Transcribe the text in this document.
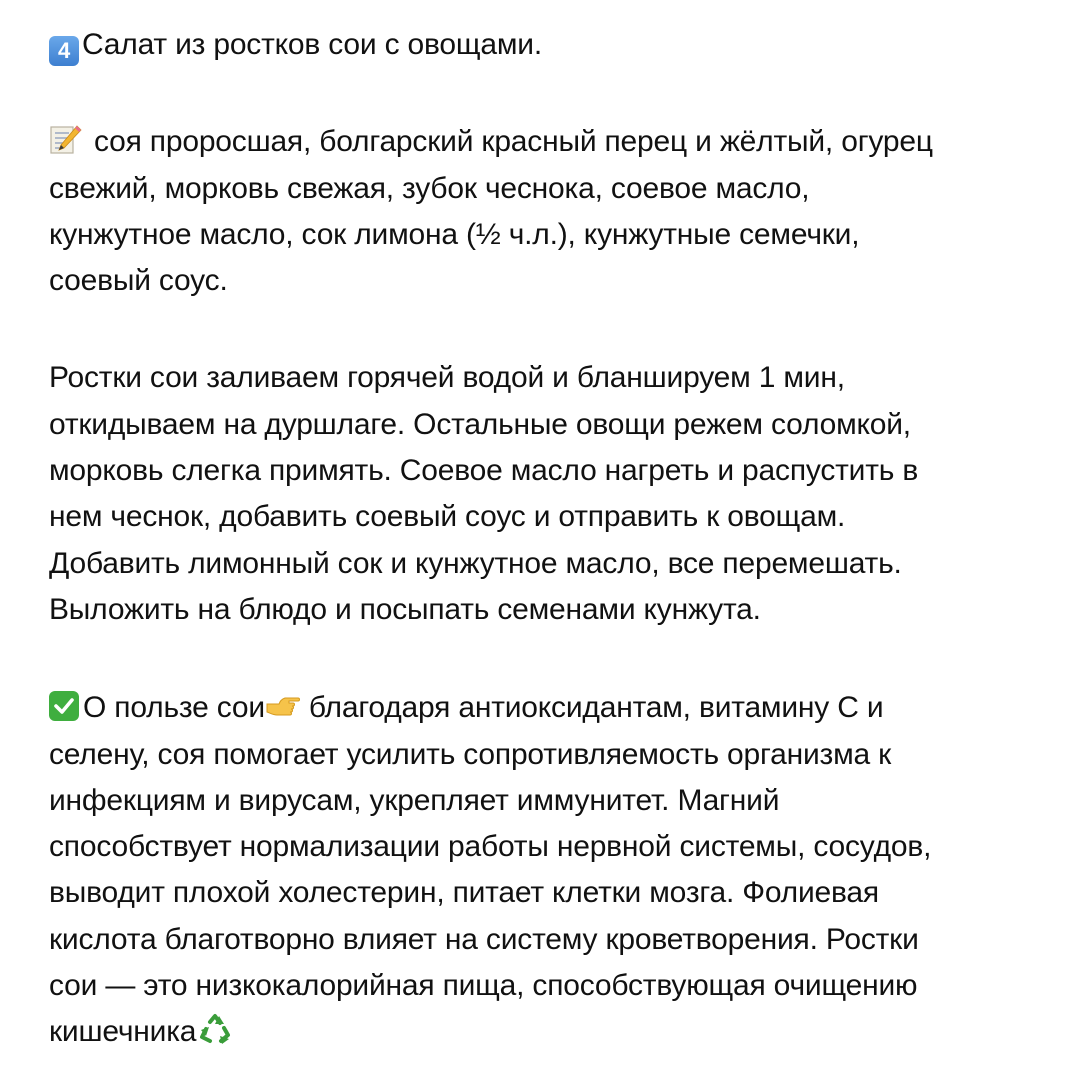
4 Салат из ростков сои с овощами.

соя проросшая, болгарский красный перец и жёлтый, огурец

свежий, морковь свежая, зубок чеснока, соевое масло,

кунжутное масло, сок лимона (½ ч.л.), кунжутные семечки,

соевый соус.

Ростки сои заливаем горячей водой и бланшируем 1 мин,

откидываем на дуршлаге. Остальные овощи режем соломкой,

морковь слегка примять. Соевое масло нагреть и распустить в

нем чеснок, добавить соевый соус и отправить к овощам.

Добавить лимонный сок и кунжутное масло, все перемешать.

Выложить на блюдо и посыпать семенами кунжута.

О пользе сои благодаря антиоксидантам, витамину С и

селену, соя помогает усилить сопротивляемость организма к

инфекциям и вирусам, укрепляет иммунитет. Магний

способствует нормализации работы нервной системы, сосудов,

выводит плохой холестерин, питает клетки мозга. Фолиевая

кислота благотворно влияет на систему кроветворения. Ростки

сои — это низкокалорийная пища, способствующая очищению

кишечника
